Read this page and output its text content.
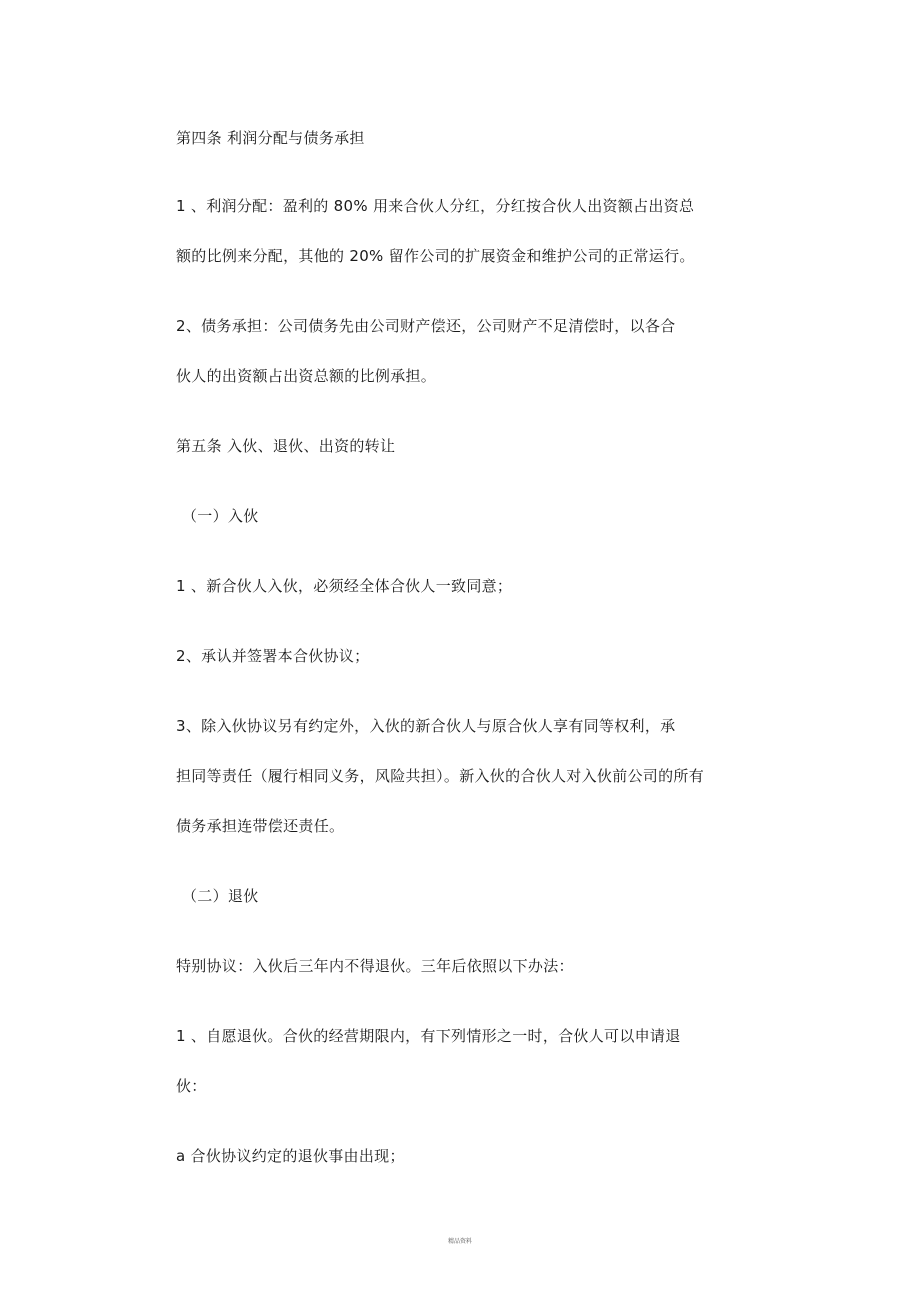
第四条 利润分配与债务承担
1 、利润分配：盈利的 80% 用来合伙人分红，分红按合伙人出资额占出资总
额的比例来分配，其他的 20% 留作公司的扩展资金和维护公司的正常运行。
2、债务承担：公司债务先由公司财产偿还，公司财产不足清偿时，以各合
伙人的出资额占出资总额的比例承担。
第五条 入伙、退伙、出资的转让
（一）入伙
1 、新合伙人入伙，必须经全体合伙人一致同意；
2、承认并签署本合伙协议；
3、除入伙协议另有约定外，入伙的新合伙人与原合伙人享有同等权利，承
担同等责任（履行相同义务，风险共担）。新入伙的合伙人对入伙前公司的所有
债务承担连带偿还责任。
（二）退伙
特别协议：入伙后三年内不得退伙。三年后依照以下办法：
1 、自愿退伙。合伙的经营期限内，有下列情形之一时，合伙人可以申请退
伙：
a 合伙协议约定的退伙事由出现；
精品资料
